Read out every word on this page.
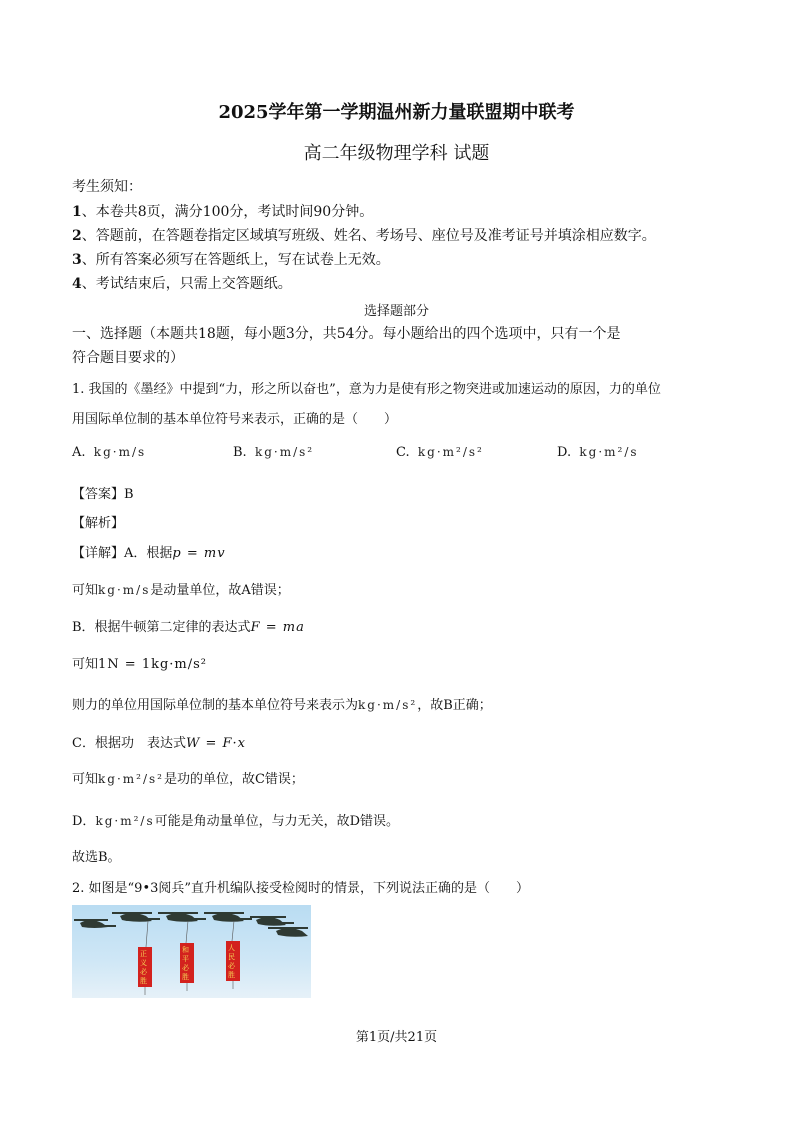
2025学年第一学期温州新力量联盟期中联考
高二年级物理学科 试题
考生须知：
1、本卷共8页，满分100分，考试时间90分钟。
2、答题前，在答题卷指定区域填写班级、姓名、考场号、座位号及准考证号并填涂相应数字。
3、所有答案必须写在答题纸上，写在试卷上无效。
4、考试结束后，只需上交答题纸。
选择题部分
一、选择题（本题共18题，每小题3分，共54分。每小题给出的四个选项中，只有一个是
符合题目要求的）
1. 我国的《墨经》中提到“力，形之所以奋也”，意为力是使有形之物突进或加速运动的原因，力的单位
用国际单位制的基本单位符号来表示，正确的是（　　）
A. kg·m/s	B. kg·m/s²	C. kg·m²/s²	D. kg·m²/s
【答案】B
【解析】
【详解】A．根据p = mv
可知kg·m/s是动量单位，故A错误；
B．根据牛顿第二定律的表达式F = ma
可知1N = 1kg·m/s²
则力的单位用国际单位制的基本单位符号来表示为kg·m/s²，故B正确；
C．根据功　表达式W = F·x
可知kg·m²/s²是功的单位，故C错误；
D．kg·m²/s可能是角动量单位，与力无关，故D错误。
故选B。
2. 如图是“9•3阅兵”直升机编队接受检阅时的情景，下列说法正确的是（　　）
正义必胜
和平必胜
人民必胜
第1页/共21页
